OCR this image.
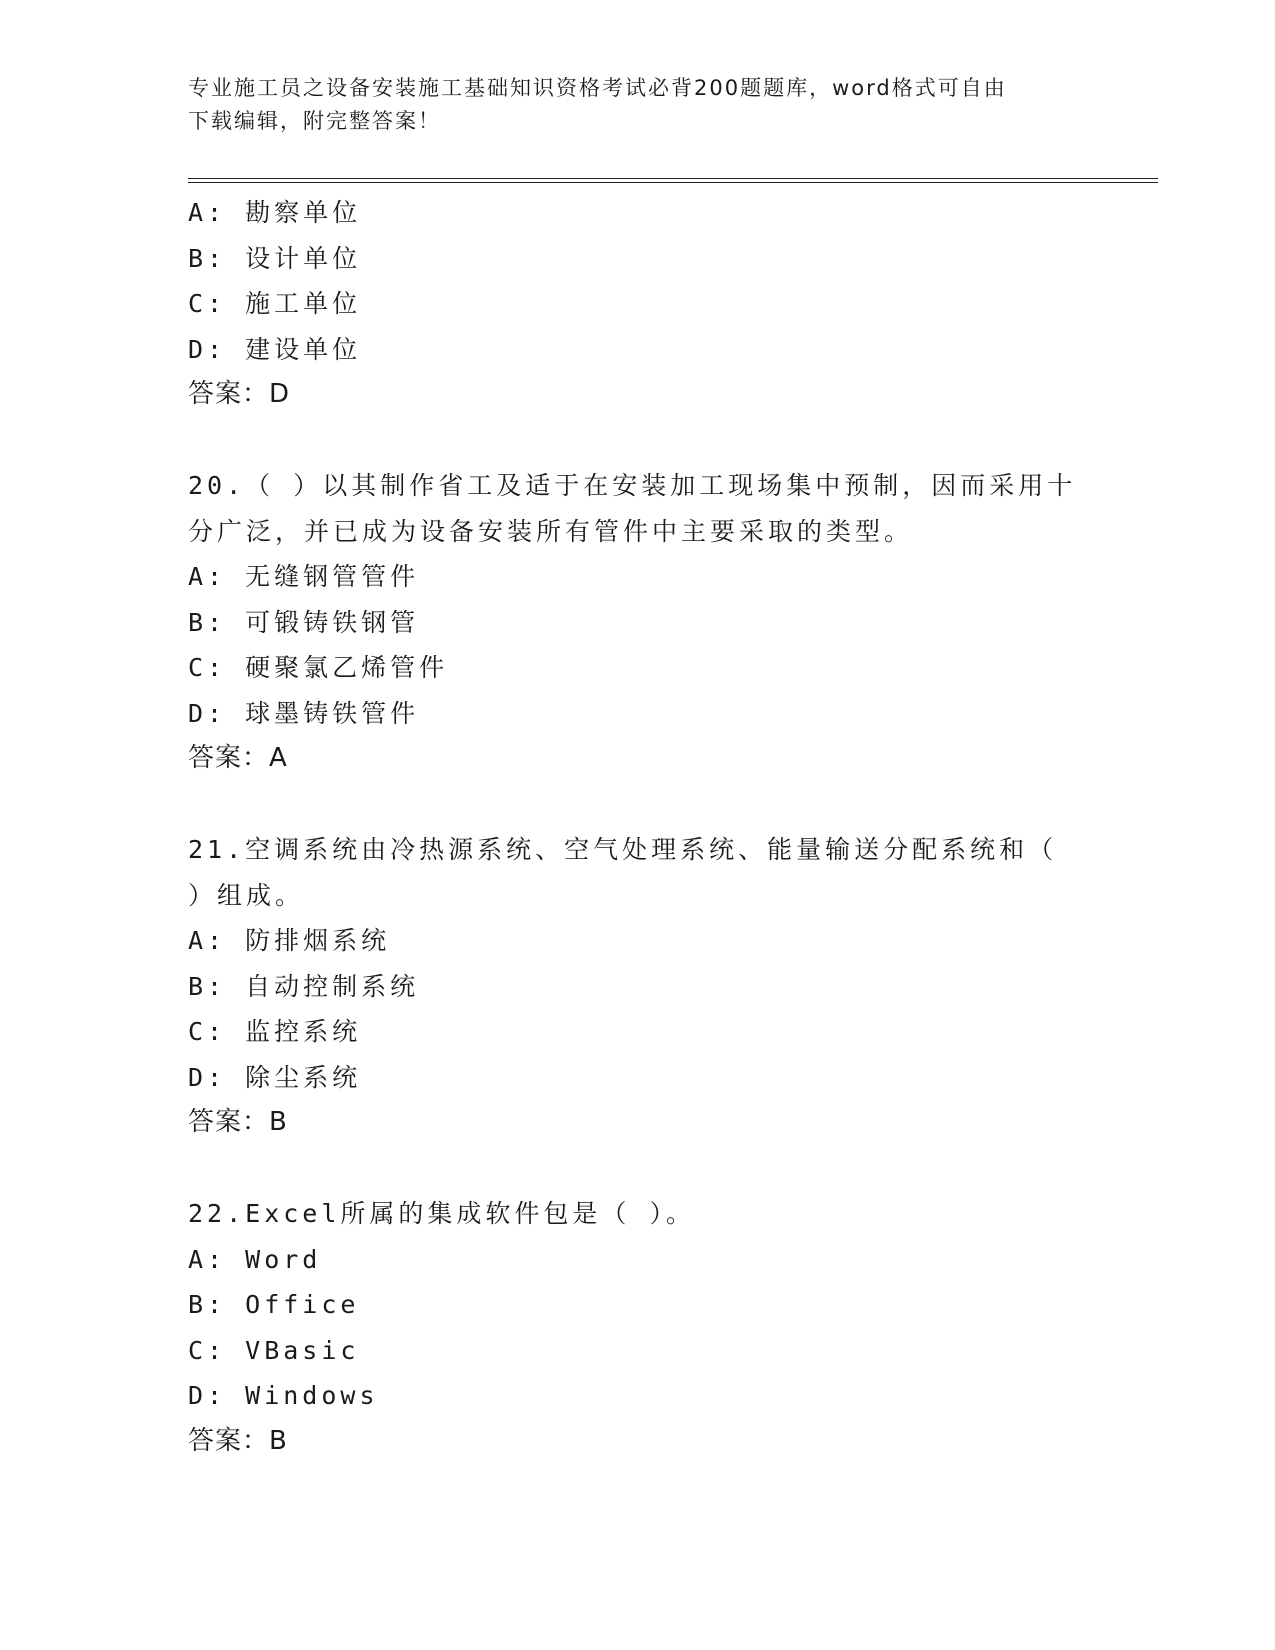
专业施工员之设备安装施工基础知识资格考试必背200题题库，word格式可自由
下载编辑，附完整答案！
A: 勘察单位
B: 设计单位
C: 施工单位
D: 建设单位
答案：D
20.（ ）以其制作省工及适于在安装加工现场集中预制，因而采用十
分广泛，并已成为设备安装所有管件中主要采取的类型。
A: 无缝钢管管件
B: 可锻铸铁钢管
C: 硬聚氯乙烯管件
D: 球墨铸铁管件
答案：A
21.空调系统由冷热源系统、空气处理系统、能量输送分配系统和（
）组成。
A: 防排烟系统
B: 自动控制系统
C: 监控系统
D: 除尘系统
答案：B
22.Excel所属的集成软件包是（ ）。
A: Word
B: Office
C: VBasic
D: Windows
答案：B
